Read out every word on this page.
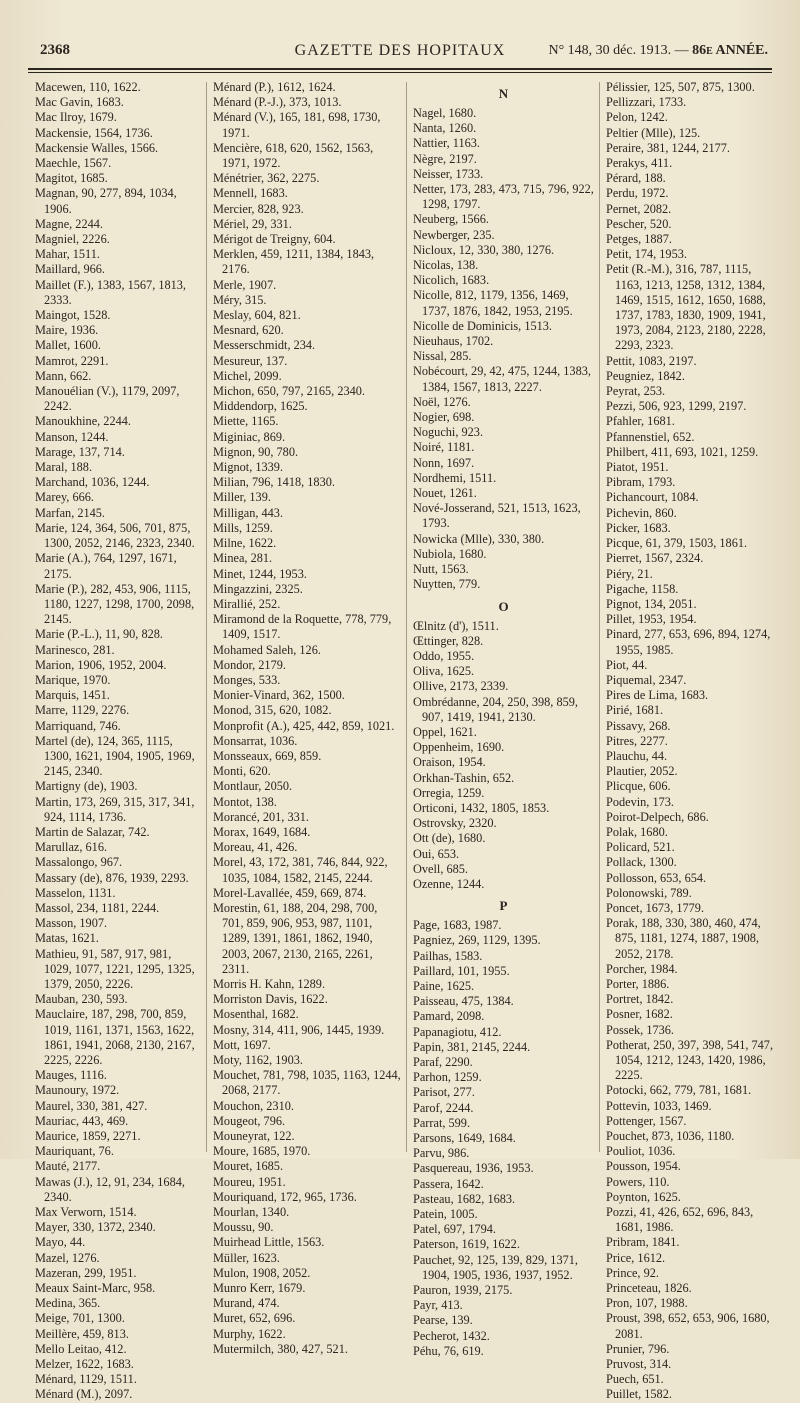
2368	GAZETTE DES HOPITAUX	N° 148, 30 déc. 1913. — 86e ANNÉE.

Macewen, 110, 1622.

Mac Gavin, 1683.

Mac Ilroy, 1679.

Mackensie, 1564, 1736.

Mackensie Walles, 1566.

Maechle, 1567.

Magitot, 1685.

Magnan, 90, 277, 894, 1034, 1906.

Magne, 2244.

Magniel, 2226.

Mahar, 1511.

Maillard, 966.

Maillet (F.), 1383, 1567, 1813, 2333.

Maingot, 1528.

Maire, 1936.

Mallet, 1600.

Mamrot, 2291.

Mann, 662.

Manouélian (V.), 1179, 2097, 2242.

Manoukhine, 2244.

Manson, 1244.

Marage, 137, 714.

Maral, 188.

Marchand, 1036, 1244.

Marey, 666.

Marfan, 2145.

Marie, 124, 364, 506, 701, 875, 1300, 2052, 2146, 2323, 2340.

Marie (A.), 764, 1297, 1671, 2175.

Marie (P.), 282, 453, 906, 1115, 1180, 1227, 1298, 1700, 2098, 2145.

Marie (P.-L.), 11, 90, 828.

Marinesco, 281.

Marion, 1906, 1952, 2004.

Marique, 1970.

Marquis, 1451.

Marre, 1129, 2276.

Marriquand, 746.

Martel (de), 124, 365, 1115, 1300, 1621, 1904, 1905, 1969, 2145, 2340.

Martigny (de), 1903.

Martin, 173, 269, 315, 317, 341, 924, 1114, 1736.

Martin de Salazar, 742.

Marullaz, 616.

Massalongo, 967.

Massary (de), 876, 1939, 2293.

Masselon, 1131.

Massol, 234, 1181, 2244.

Masson, 1907.

Matas, 1621.

Mathieu, 91, 587, 917, 981, 1029, 1077, 1221, 1295, 1325, 1379, 2050, 2226.

Mauban, 230, 593.

Mauclaire, 187, 298, 700, 859, 1019, 1161, 1371, 1563, 1622, 1861, 1941, 2068, 2130, 2167, 2225, 2226.

Mauges, 1116.

Maunoury, 1972.

Maurel, 330, 381, 427.

Mauriac, 443, 469.

Maurice, 1859, 2271.

Mauriquant, 76.

Mauté, 2177.

Mawas (J.), 12, 91, 234, 1684, 2340.

Max Verworn, 1514.

Mayer, 330, 1372, 2340.

Mayo, 44.

Mazel, 1276.

Mazeran, 299, 1951.

Meaux Saint-Marc, 958.

Medina, 365.

Meige, 701, 1300.

Meillère, 459, 813.

Mello Leitao, 412.

Melzer, 1622, 1683.

Ménard, 1129, 1511.

Ménard (M.), 2097.

Ménard (P.), 1612, 1624.

Ménard (P.-J.), 373, 1013.

Ménard (V.), 165, 181, 698, 1730, 1971.

Mencière, 618, 620, 1562, 1563, 1971, 1972.

Ménétrier, 362, 2275.

Mennell, 1683.

Mercier, 828, 923.

Mériel, 29, 331.

Mérigot de Treigny, 604.

Merklen, 459, 1211, 1384, 1843, 2176.

Merle, 1907.

Méry, 315.

Meslay, 604, 821.

Mesnard, 620.

Messerschmidt, 234.

Mesureur, 137.

Michel, 2099.

Michon, 650, 797, 2165, 2340.

Middendorp, 1625.

Miette, 1165.

Miginiac, 869.

Mignon, 90, 780.

Mignot, 1339.

Milian, 796, 1418, 1830.

Miller, 139.

Milligan, 443.

Mills, 1259.

Milne, 1622.

Minea, 281.

Minet, 1244, 1953.

Mingazzini, 2325.

Mirallié, 252.

Miramond de la Roquette, 778, 779, 1409, 1517.

Mohamed Saleh, 126.

Mondor, 2179.

Monges, 533.

Monier-Vinard, 362, 1500.

Monod, 315, 620, 1082.

Monprofit (A.), 425, 442, 859, 1021.

Monsarrat, 1036.

Monsseaux, 669, 859.

Monti, 620.

Montlaur, 2050.

Montot, 138.

Morancé, 201, 331.

Morax, 1649, 1684.

Moreau, 41, 426.

Morel, 43, 172, 381, 746, 844, 922, 1035, 1084, 1582, 2145, 2244.

Morel-Lavallée, 459, 669, 874.

Morestin, 61, 188, 204, 298, 700, 701, 859, 906, 953, 987, 1101, 1289, 1391, 1861, 1862, 1940, 2003, 2067, 2130, 2165, 2261, 2311.

Morris H. Kahn, 1289.

Morriston Davis, 1622.

Mosenthal, 1682.

Mosny, 314, 411, 906, 1445, 1939.

Mott, 1697.

Moty, 1162, 1903.

Mouchet, 781, 798, 1035, 1163, 1244, 2068, 2177.

Mouchon, 2310.

Mougeot, 796.

Mouneyrat, 122.

Moure, 1685, 1970.

Mouret, 1685.

Moureu, 1951.

Mouriquand, 172, 965, 1736.

Mourlan, 1340.

Moussu, 90.

Muirhead Little, 1563.

Müller, 1623.

Mulon, 1908, 2052.

Munro Kerr, 1679.

Murand, 474.

Muret, 652, 696.

Murphy, 1622.

Mutermilch, 380, 427, 521.

N

Nagel, 1680.

Nanta, 1260.

Nattier, 1163.

Nègre, 2197.

Neisser, 1733.

Netter, 173, 283, 473, 715, 796, 922, 1298, 1797.

Neuberg, 1566.

Newberger, 235.

Nicloux, 12, 330, 380, 1276.

Nicolas, 138.

Nicolich, 1683.

Nicolle, 812, 1179, 1356, 1469, 1737, 1876, 1842, 1953, 2195.

Nicolle de Dominicis, 1513.

Nieuhaus, 1702.

Nissal, 285.

Nobécourt, 29, 42, 475, 1244, 1383, 1384, 1567, 1813, 2227.

Noël, 1276.

Nogier, 698.

Noguchi, 923.

Noiré, 1181.

Nonn, 1697.

Nordhemi, 1511.

Nouet, 1261.

Nové-Josserand, 521, 1513, 1623, 1793.

Nowicka (Mlle), 330, 380.

Nubiola, 1680.

Nutt, 1563.

Nuytten, 779.

O

Œlnitz (d'), 1511.

Œttinger, 828.

Oddo, 1955.

Oliva, 1625.

Ollive, 2173, 2339.

Ombrédanne, 204, 250, 398, 859, 907, 1419, 1941, 2130.

Oppel, 1621.

Oppenheim, 1690.

Oraison, 1954.

Orkhan-Tashin, 652.

Orregia, 1259.

Orticoni, 1432, 1805, 1853.

Ostrovsky, 2320.

Ott (de), 1680.

Oui, 653.

Ovell, 685.

Ozenne, 1244.

P

Page, 1683, 1987.

Pagniez, 269, 1129, 1395.

Pailhas, 1583.

Paillard, 101, 1955.

Paine, 1625.

Paisseau, 475, 1384.

Pamard, 2098.

Papanagiotu, 412.

Papin, 381, 2145, 2244.

Paraf, 2290.

Parhon, 1259.

Parisot, 277.

Parof, 2244.

Parrat, 599.

Parsons, 1649, 1684.

Parvu, 986.

Pasquereau, 1936, 1953.

Passera, 1642.

Pasteau, 1682, 1683.

Patein, 1005.

Patel, 697, 1794.

Paterson, 1619, 1622.

Pauchet, 92, 125, 139, 829, 1371, 1904, 1905, 1936, 1937, 1952.

Pauron, 1939, 2175.

Payr, 413.

Pearse, 139.

Pecherot, 1432.

Péhu, 76, 619.

Pélissier, 125, 507, 875, 1300.

Pellizzari, 1733.

Pelon, 1242.

Peltier (Mlle), 125.

Peraire, 381, 1244, 2177.

Perakys, 411.

Pérard, 188.

Perdu, 1972.

Pernet, 2082.

Pescher, 520.

Petges, 1887.

Petit, 174, 1953.

Petit (R.-M.), 316, 787, 1115, 1163, 1213, 1258, 1312, 1384, 1469, 1515, 1612, 1650, 1688, 1737, 1783, 1830, 1909, 1941, 1973, 2084, 2123, 2180, 2228, 2293, 2323.

Pettit, 1083, 2197.

Peugniez, 1842.

Peyrat, 253.

Pezzi, 506, 923, 1299, 2197.

Pfahler, 1681.

Pfannenstiel, 652.

Philbert, 411, 693, 1021, 1259.

Piatot, 1951.

Pibram, 1793.

Pichancourt, 1084.

Pichevin, 860.

Picker, 1683.

Picque, 61, 379, 1503, 1861.

Pierret, 1567, 2324.

Piéry, 21.

Pigache, 1158.

Pignot, 134, 2051.

Pillet, 1953, 1954.

Pinard, 277, 653, 696, 894, 1274, 1955, 1985.

Piot, 44.

Piquemal, 2347.

Pires de Lima, 1683.

Pirié, 1681.

Pissavy, 268.

Pitres, 2277.

Plauchu, 44.

Plautier, 2052.

Plicque, 606.

Podevin, 173.

Poirot-Delpech, 686.

Polak, 1680.

Policard, 521.

Pollack, 1300.

Pollosson, 653, 654.

Polonowski, 789.

Poncet, 1673, 1779.

Porak, 188, 330, 380, 460, 474, 875, 1181, 1274, 1887, 1908, 2052, 2178.

Porcher, 1984.

Porter, 1886.

Portret, 1842.

Posner, 1682.

Possek, 1736.

Potherat, 250, 397, 398, 541, 747, 1054, 1212, 1243, 1420, 1986, 2225.

Potocki, 662, 779, 781, 1681.

Pottevin, 1033, 1469.

Pottenger, 1567.

Pouchet, 873, 1036, 1180.

Pouliot, 1036.

Pousson, 1954.

Powers, 110.

Poynton, 1625.

Pozzi, 41, 426, 652, 696, 843, 1681, 1986.

Pribram, 1841.

Price, 1612.

Prince, 92.

Princeteau, 1826.

Pron, 107, 1988.

Proust, 398, 652, 653, 906, 1680, 2081.

Prunier, 796.

Pruvost, 314.

Puech, 651.

Puillet, 1582.
